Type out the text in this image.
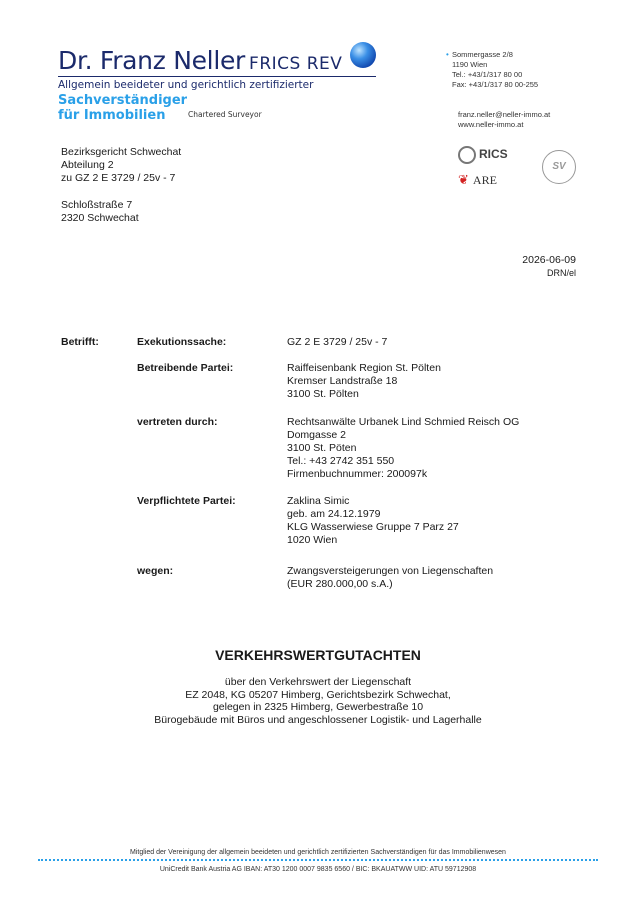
Dr. Franz Neller FRICS REV
Allgemein beeideter und gerichtlich zertifizierter
Sachverständiger
für Immobilien	Chartered Surveyor
• Sommergasse 2/8
1190 Wien
Tel.: +43/1/317 80 00
Fax: +43/1/317 80 00-255
franz.neller@neller-immo.at
www.neller-immo.at
RICS
❦ ARE
SV
Bezirksgericht Schwechat
Abteilung 2
zu GZ 2 E 3729 / 25v - 7
Schloßstraße 7
2320 Schwechat
2026-06-09
DRN/el
Betrifft:	Exekutionssache:	GZ 2 E 3729 / 25v - 7
Betreibende Partei:	Raiffeisenbank Region St. Pölten
Kremser Landstraße 18
3100 St. Pölten
vertreten durch:	Rechtsanwälte Urbanek Lind Schmied Reisch OG
Domgasse 2
3100 St. Pöten
Tel.: +43 2742 351 550
Firmenbuchnummer: 200097k
Verpflichtete Partei:	Zaklina Simic
geb. am 24.12.1979
KLG Wasserwiese Gruppe 7 Parz 27
1020 Wien
wegen:	Zwangsversteigerungen von Liegenschaften
(EUR 280.000,00 s.A.)
VERKEHRSWERTGUTACHTEN
über den Verkehrswert der Liegenschaft
EZ 2048, KG 05207 Himberg, Gerichtsbezirk Schwechat,
gelegen in 2325 Himberg, Gewerbestraße 10
Bürogebäude mit Büros und angeschlossener Logistik- und Lagerhalle
Mitglied der Vereinigung der allgemein beeideten und gerichtlich zertifizierten Sachverständigen für das Immobilienwesen
UniCredit Bank Austria AG IBAN: AT30 1200 0007 9835 6560 / BIC: BKAUATWW UID: ATU 59712908
